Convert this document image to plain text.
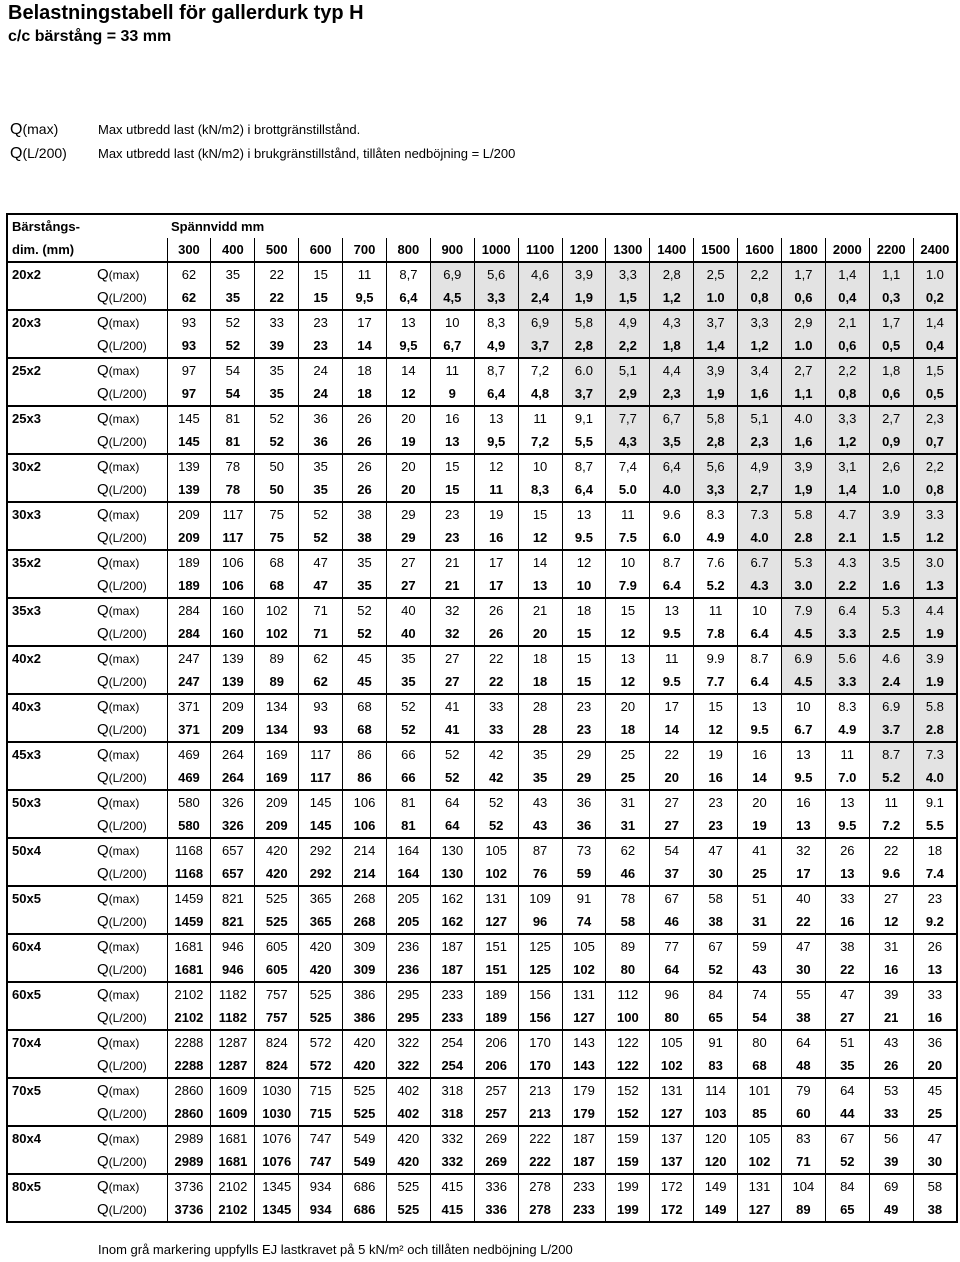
Belastningstabell för gallerdurk typ H
c/c bärstång = 33 mm
Q(max)	Max utbredd last (kN/m2) i brottgränstillstånd.
Q(L/200) Max utbredd last (kN/m2) i brukgränstillstånd, tillåten nedböjning = L/200
Bärstångs-		Spännvidd mm																	
dim. (mm)		300	400	500	600	700	800	900	1000	1100	1200	1300	1400	1500	1600	1800	2000	2200	2400
20x2	Q(max)	62	35	22	15	11	8,7	6,9	5,6	4,6	3,9	3,3	2,8	2,5	2,2	1,7	1,4	1,1	1.0
	Q(L/200)	62	35	22	15	9,5	6,4	4,5	3,3	2,4	1,9	1,5	1,2	1.0	0,8	0,6	0,4	0,3	0,2
20x3	Q(max)	93	52	33	23	17	13	10	8,3	6,9	5,8	4,9	4,3	3,7	3,3	2,9	2,1	1,7	1,4
	Q(L/200)	93	52	39	23	14	9,5	6,7	4,9	3,7	2,8	2,2	1,8	1,4	1,2	1.0	0,6	0,5	0,4
25x2	Q(max)	97	54	35	24	18	14	11	8,7	7,2	6.0	5,1	4,4	3,9	3,4	2,7	2,2	1,8	1,5
	Q(L/200)	97	54	35	24	18	12	9	6,4	4,8	3,7	2,9	2,3	1,9	1,6	1,1	0,8	0,6	0,5
25x3	Q(max)	145	81	52	36	26	20	16	13	11	9,1	7,7	6,7	5,8	5,1	4.0	3,3	2,7	2,3
	Q(L/200)	145	81	52	36	26	19	13	9,5	7,2	5,5	4,3	3,5	2,8	2,3	1,6	1,2	0,9	0,7
30x2	Q(max)	139	78	50	35	26	20	15	12	10	8,7	7,4	6,4	5,6	4,9	3,9	3,1	2,6	2,2
	Q(L/200)	139	78	50	35	26	20	15	11	8,3	6,4	5.0	4.0	3,3	2,7	1,9	1,4	1.0	0,8
30x3	Q(max)	209	117	75	52	38	29	23	19	15	13	11	9.6	8.3	7.3	5.8	4.7	3.9	3.3
	Q(L/200)	209	117	75	52	38	29	23	16	12	9.5	7.5	6.0	4.9	4.0	2.8	2.1	1.5	1.2
35x2	Q(max)	189	106	68	47	35	27	21	17	14	12	10	8.7	7.6	6.7	5.3	4.3	3.5	3.0
	Q(L/200)	189	106	68	47	35	27	21	17	13	10	7.9	6.4	5.2	4.3	3.0	2.2	1.6	1.3
35x3	Q(max)	284	160	102	71	52	40	32	26	21	18	15	13	11	10	7.9	6.4	5.3	4.4
	Q(L/200)	284	160	102	71	52	40	32	26	20	15	12	9.5	7.8	6.4	4.5	3.3	2.5	1.9
40x2	Q(max)	247	139	89	62	45	35	27	22	18	15	13	11	9.9	8.7	6.9	5.6	4.6	3.9
	Q(L/200)	247	139	89	62	45	35	27	22	18	15	12	9.5	7.7	6.4	4.5	3.3	2.4	1.9
40x3	Q(max)	371	209	134	93	68	52	41	33	28	23	20	17	15	13	10	8.3	6.9	5.8
	Q(L/200)	371	209	134	93	68	52	41	33	28	23	18	14	12	9.5	6.7	4.9	3.7	2.8
45x3	Q(max)	469	264	169	117	86	66	52	42	35	29	25	22	19	16	13	11	8.7	7.3
	Q(L/200)	469	264	169	117	86	66	52	42	35	29	25	20	16	14	9.5	7.0	5.2	4.0
50x3	Q(max)	580	326	209	145	106	81	64	52	43	36	31	27	23	20	16	13	11	9.1
	Q(L/200)	580	326	209	145	106	81	64	52	43	36	31	27	23	19	13	9.5	7.2	5.5
50x4	Q(max)	1168	657	420	292	214	164	130	105	87	73	62	54	47	41	32	26	22	18
	Q(L/200)	1168	657	420	292	214	164	130	102	76	59	46	37	30	25	17	13	9.6	7.4
50x5	Q(max)	1459	821	525	365	268	205	162	131	109	91	78	67	58	51	40	33	27	23
	Q(L/200)	1459	821	525	365	268	205	162	127	96	74	58	46	38	31	22	16	12	9.2
60x4	Q(max)	1681	946	605	420	309	236	187	151	125	105	89	77	67	59	47	38	31	26
	Q(L/200)	1681	946	605	420	309	236	187	151	125	102	80	64	52	43	30	22	16	13
60x5	Q(max)	2102	1182	757	525	386	295	233	189	156	131	112	96	84	74	55	47	39	33
	Q(L/200)	2102	1182	757	525	386	295	233	189	156	127	100	80	65	54	38	27	21	16
70x4	Q(max)	2288	1287	824	572	420	322	254	206	170	143	122	105	91	80	64	51	43	36
	Q(L/200)	2288	1287	824	572	420	322	254	206	170	143	122	102	83	68	48	35	26	20
70x5	Q(max)	2860	1609	1030	715	525	402	318	257	213	179	152	131	114	101	79	64	53	45
	Q(L/200)	2860	1609	1030	715	525	402	318	257	213	179	152	127	103	85	60	44	33	25
80x4	Q(max)	2989	1681	1076	747	549	420	332	269	222	187	159	137	120	105	83	67	56	47
	Q(L/200)	2989	1681	1076	747	549	420	332	269	222	187	159	137	120	102	71	52	39	30
80x5	Q(max)	3736	2102	1345	934	686	525	415	336	278	233	199	172	149	131	104	84	69	58
	Q(L/200)	3736	2102	1345	934	686	525	415	336	278	233	199	172	149	127	89	65	49	38
Inom grå markering uppfylls EJ lastkravet på 5 kN/m² och tillåten nedböjning L/200
